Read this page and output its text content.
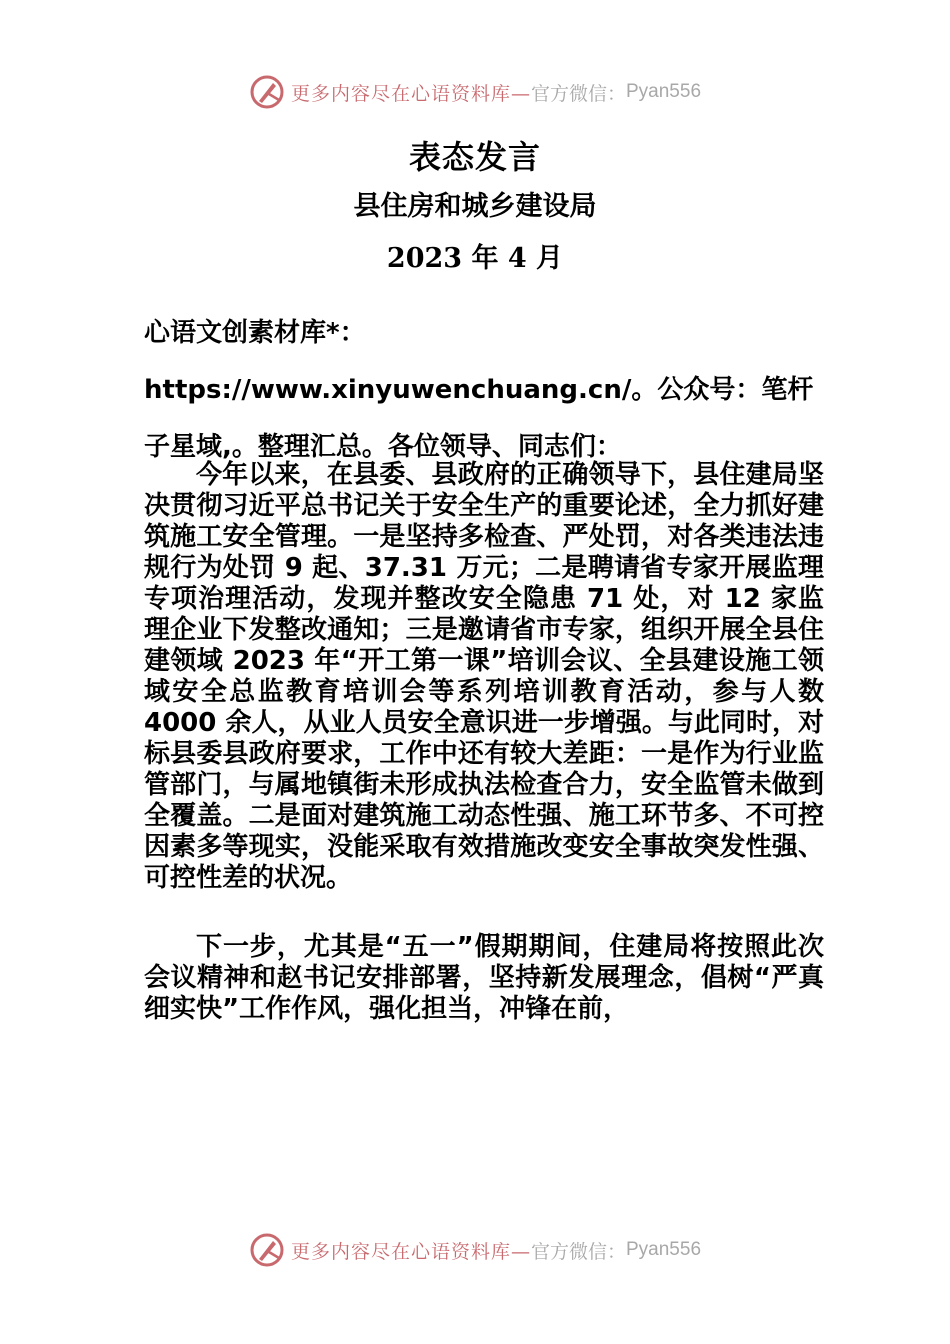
更多内容尽在心语资料库— 官方微信： Pyan556
表态发言
县住房和城乡建设局
2023 年 4 月
心语文创素材库*：https://www.xinyuwenchuang.cn/。公众号：笔杆子星域,。整理汇总。各位领导、同志们：
今年以来，在县委、县政府的正确领导下，县住建局坚决贯彻习近平总书记关于安全生产的重要论述，全力抓好建筑施工安全管理。一是坚持多检查、严处罚，对各类违法违规行为处罚 9 起、37.31 万元；二是聘请省专家开展监理专项治理活动，发现并整改安全隐患 71 处，对 12 家监理企业下发整改通知；三是邀请省市专家，组织开展全县住建领域 2023 年“开工第一课”培训会议、全县建设施工领域安全总监教育培训会等系列培训教育活动，参与人数 4000 余人，从业人员安全意识进一步增强。与此同时，对标县委县政府要求，工作中还有较大差距：一是作为行业监管部门，与属地镇街未形成执法检查合力，安全监管未做到全覆盖。二是面对建筑施工动态性强、施工环节多、不可控因素多等现实，没能采取有效措施改变安全事故突发性强、可控性差的状况。
下一步，尤其是“五一”假期期间，住建局将按照此次会议精神和赵书记安排部署，坚持新发展理念，倡树“严真细实快”工作作风，强化担当，冲锋在前，
更多内容尽在心语资料库— 官方微信： Pyan556
